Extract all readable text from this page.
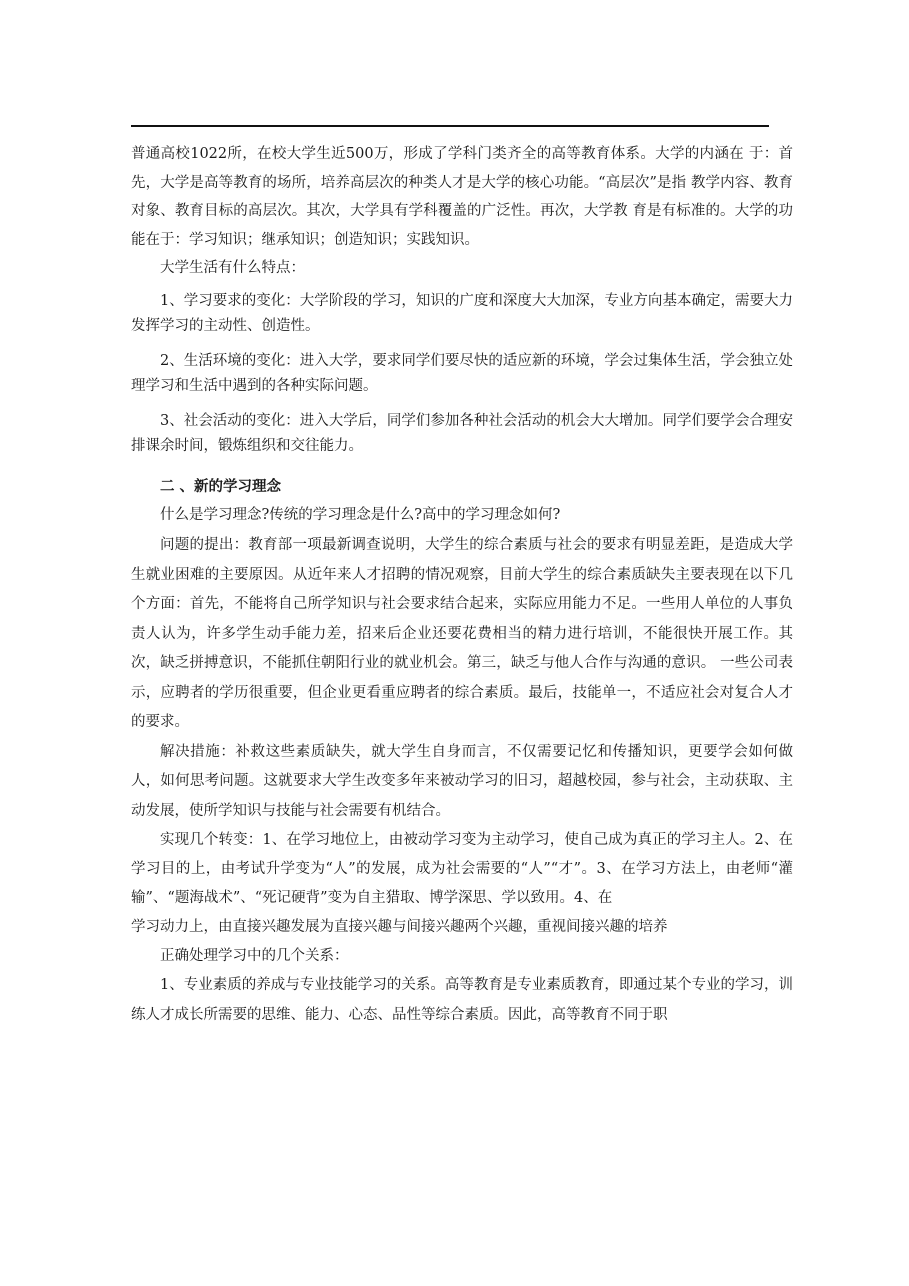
普通高校1022所，在校大学生近500万，形成了学科门类齐全的高等教育体系。大学的内涵在 于：首先，大学是高等教育的场所，培养高层次的种类人才是大学的核心功能。“高层次”是指 教学内容、教育对象、教育目标的高层次。其次，大学具有学科覆盖的广泛性。再次，大学教 育是有标准的。大学的功能在于：学习知识；继承知识；创造知识；实践知识。

大学生活有什么特点：

1、学习要求的变化：大学阶段的学习，知识的广度和深度大大加深，专业方向基本确定，需要大力发挥学习的主动性、创造性。

2、生活环境的变化：进入大学，要求同学们要尽快的适应新的环境，学会过集体生活，学会独立处理学习和生活中遇到的各种实际问题。

3、社会活动的变化：进入大学后，同学们参加各种社会活动的机会大大增加。同学们要学会合理安排课余时间，锻炼组织和交往能力。

二 、新的学习理念

什么是学习理念?传统的学习理念是什么?高中的学习理念如何?

问题的提出：教育部一项最新调查说明，大学生的综合素质与社会的要求有明显差距，是造成大学生就业困难的主要原因。从近年来人才招聘的情况观察，目前大学生的综合素质缺失主要表现在以下几个方面：首先，不能将自己所学知识与社会要求结合起来，实际应用能力不足。一些用人单位的人事负责人认为，许多学生动手能力差，招来后企业还要花费相当的精力进行培训，不能很快开展工作。其次，缺乏拼搏意识，不能抓住朝阳行业的就业机会。第三，缺乏与他人合作与沟通的意识。 一些公司表示，应聘者的学历很重要，但企业更看重应聘者的综合素质。最后，技能单一，不适应社会对复合人才的要求。

解决措施：补救这些素质缺失，就大学生自身而言，不仅需要记忆和传播知识，更要学会如何做人，如何思考问题。这就要求大学生改变多年来被动学习的旧习，超越校园，参与社会，主动获取、主动发展，使所学知识与技能与社会需要有机结合。

实现几个转变：1、在学习地位上，由被动学习变为主动学习，使自己成为真正的学习主人。2、在学习目的上，由考试升学变为“人”的发展，成为社会需要的“人”“才”。3、在学习方法上，由老师“灌输”、“题海战术”、“死记硬背”变为自主猎取、博学深思、学以致用。4、在

学习动力上，由直接兴趣发展为直接兴趣与间接兴趣两个兴趣，重视间接兴趣的培养

正确处理学习中的几个关系：

1、专业素质的养成与专业技能学习的关系。高等教育是专业素质教育，即通过某个专业的学习，训练人才成长所需要的思维、能力、心态、品性等综合素质。因此，高等教育不同于职
